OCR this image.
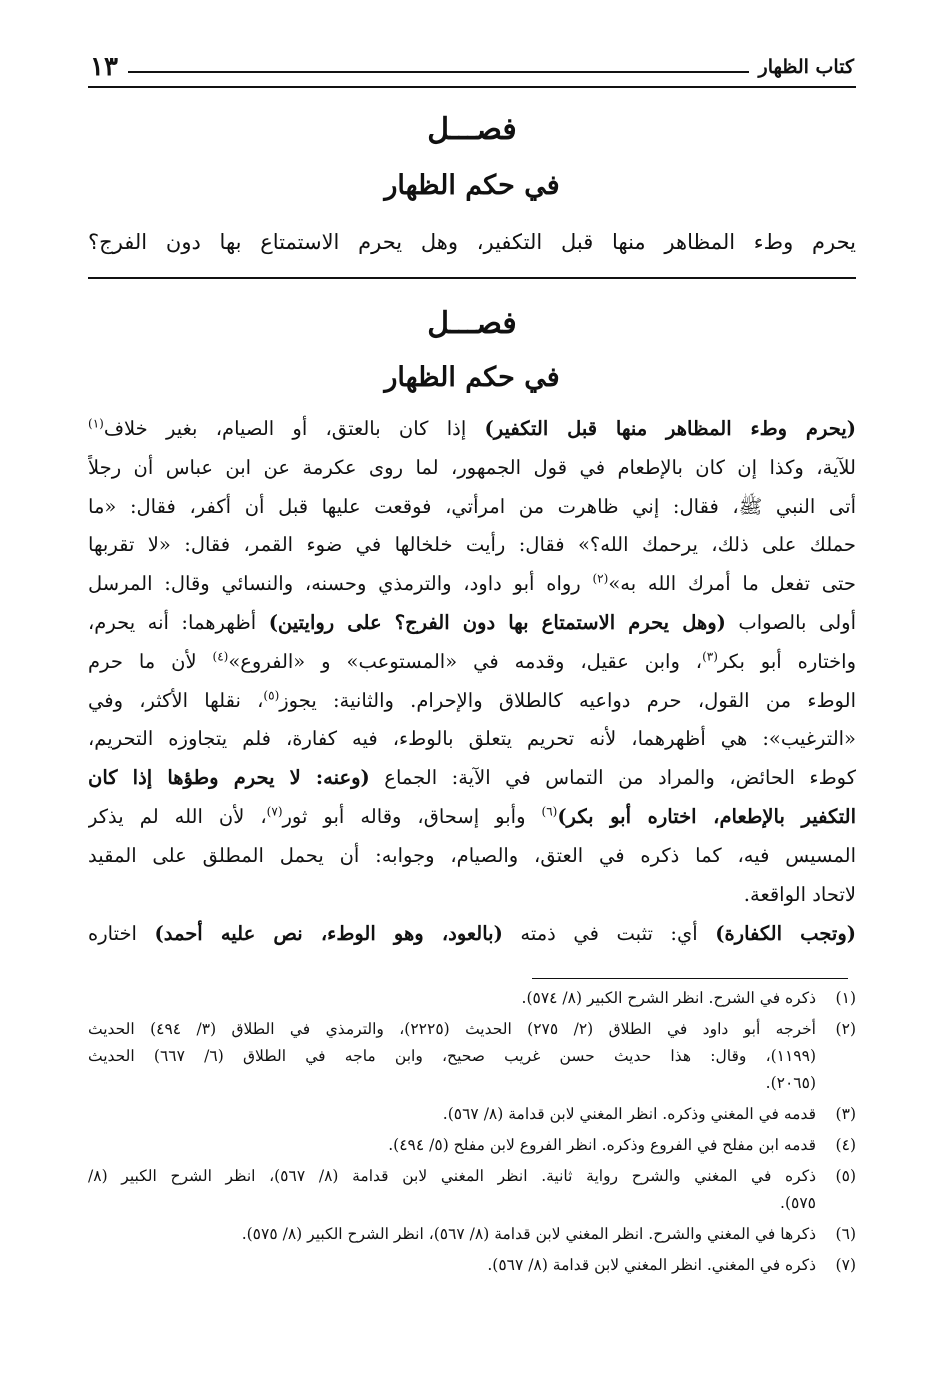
كتاب الظهار
١٣
فصـــل
في حكم الظهار
يحرم وطء المظاهر منها قبل التكفير، وهل يحرم الاستمتاع بها دون الفرج؟
فصـــل
في حكم الظهار
(يحرم وطء المظاهر منها قبل التكفير) إذا كان بالعتق، أو الصيام، بغير خلاف$^{(١)}$
للآية، وكذا إن كان بالإطعام في قول الجمهور، لما روى عكرمة عن ابن عباس أن رجلاً
أتى النبي ﷺ، فقال: إني ظاهرت من امرأتي، فوقعت عليها قبل أن أكفر، فقال: «ما
حملك على ذلك، يرحمك الله؟» فقال: رأيت خلخالها في ضوء القمر، فقال: «لا تقربها
حتى تفعل ما أمرك الله به»$^{(٢)}$ رواه أبو داود، والترمذي وحسنه، والنسائي وقال: المرسل
أولى بالصواب (وهل يحرم الاستمتاع بها دون الفرج؟ على روايتين) أظهرهما: أنه يحرم،
واختاره أبو بكر$^{(٣)}$، وابن عقيل، وقدمه في «المستوعب» و «الفروع»$^{(٤)}$ لأن ما حرم
الوطء من القول، حرم دواعيه كالطلاق والإحرام. والثانية: يجوز$^{(٥)}$، نقلها الأكثر، وفي
«الترغيب»: هي أظهرهما، لأنه تحريم يتعلق بالوطء، فيه كفارة، فلم يتجاوزه التحريم،
كوطء الحائض، والمراد من التماس في الآية: الجماع (وعنه: لا يحرم وطؤها إذا كان
التكفير بالإطعام، اختاره أبو بكر)$^{(٦)}$ وأبو إسحاق، وقاله أبو ثور$^{(٧)}$، لأن الله لم يذكر
المسيس فيه، كما ذكره في العتق، والصيام، وجوابه: أن يحمل المطلق على المقيد
لاتحاد الواقعة.
(وتجب الكفارة) أي: تثبت في ذمته (بالعود، وهو الوطء، نص عليه أحمد) اختاره
(١)
ذكره في الشرح. انظر الشرح الكبير (٨/ ٥٧٤).
(٢)
أخرجه أبو داود في الطلاق (٢/ ٢٧٥) الحديث (٢٢٢٥)، والترمذي في الطلاق (٣/ ٤٩٤) الحديث
(١١٩٩)، وقال: هذا حديث حسن غريب صحيح، وابن ماجه في الطلاق (٦/ ٦٦٧) الحديث
(٢٠٦٥).
(٣)
قدمه في المغني وذكره. انظر المغني لابن قدامة (٨/ ٥٦٧).
(٤)
قدمه ابن مفلح في الفروع وذكره. انظر الفروع لابن مفلح (٥/ ٤٩٤).
(٥)
ذكره في المغني والشرح رواية ثانية. انظر المغني لابن قدامة (٨/ ٥٦٧)، انظر الشرح الكبير (٨/
٥٧٥).
(٦)
ذكرها في المغني والشرح. انظر المغني لابن قدامة (٨/ ٥٦٧)، انظر الشرح الكبير (٨/ ٥٧٥).
(٧)
ذكره في المغني. انظر المغني لابن قدامة (٨/ ٥٦٧).
